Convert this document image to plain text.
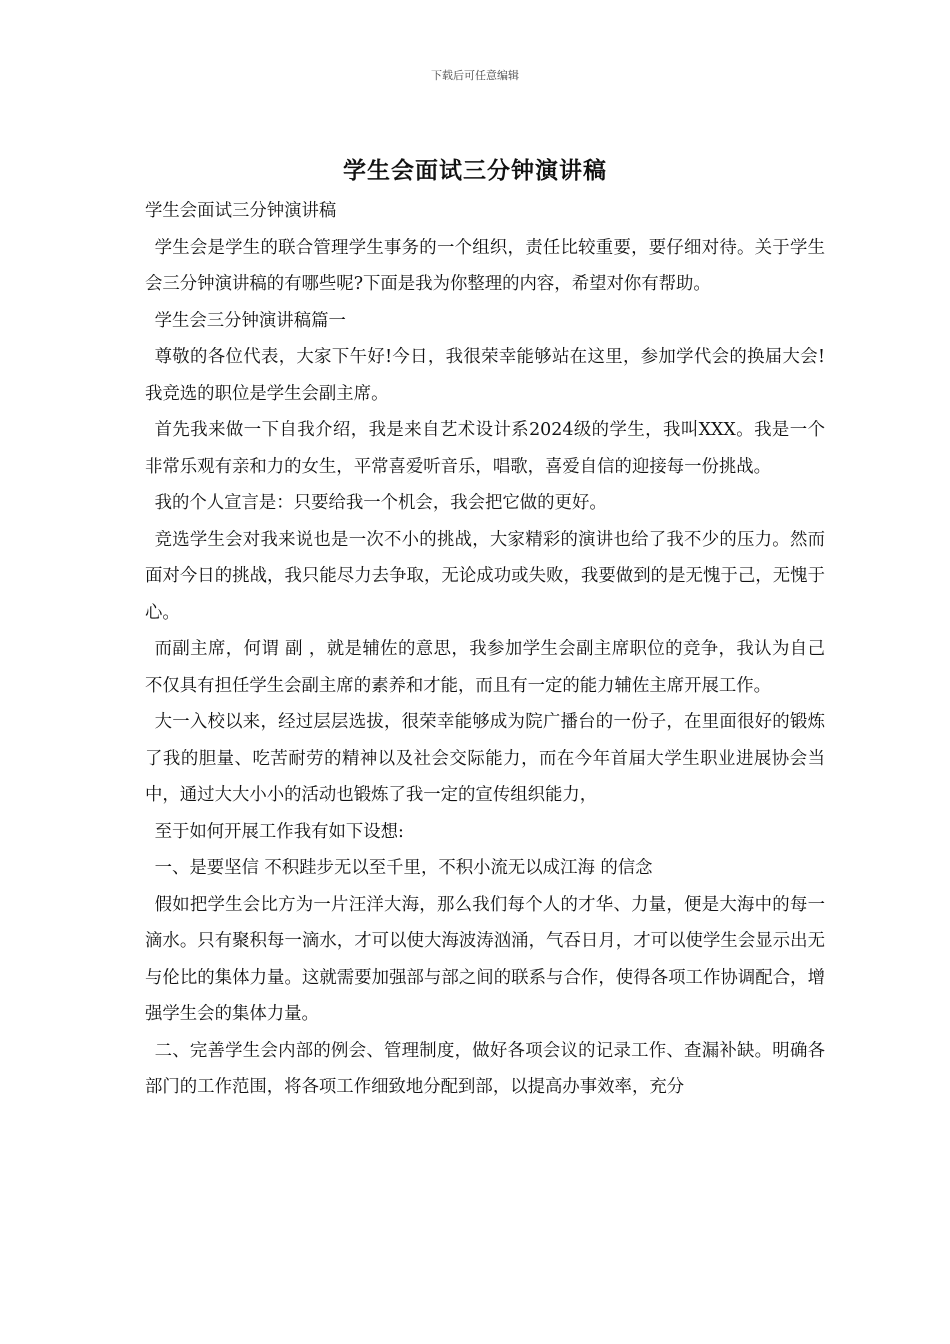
下载后可任意编辑
学生会面试三分钟演讲稿

学生会面试三分钟演讲稿

学生会是学生的联合管理学生事务的一个组织，责任比较重要，要仔细对待。关于学生会三分钟演讲稿的有哪些呢?下面是我为你整理的内容，希望对你有帮助。

学生会三分钟演讲稿篇一

尊敬的各位代表，大家下午好!今日，我很荣幸能够站在这里，参加学代会的换届大会!我竞选的职位是学生会副主席。

首先我来做一下自我介绍，我是来自艺术设计系2024级的学生，我叫XXX。我是一个非常乐观有亲和力的女生，平常喜爱听音乐，唱歌，喜爱自信的迎接每一份挑战。

我的个人宣言是：只要给我一个机会，我会把它做的更好。

竞选学生会对我来说也是一次不小的挑战，大家精彩的演讲也给了我不少的压力。然而面对今日的挑战，我只能尽力去争取，无论成功或失败，我要做到的是无愧于己，无愧于心。

而副主席，何谓 副 ，就是辅佐的意思，我参加学生会副主席职位的竞争，我认为自己不仅具有担任学生会副主席的素养和才能，而且有一定的能力辅佐主席开展工作。

大一入校以来，经过层层选拔，很荣幸能够成为院广播台的一份子，在里面很好的锻炼了我的胆量、吃苦耐劳的精神以及社会交际能力，而在今年首届大学生职业进展协会当中，通过大大小小的活动也锻炼了我一定的宣传组织能力，

至于如何开展工作我有如下设想:

一、是要坚信 不积跬步无以至千里，不积小流无以成江海 的信念

假如把学生会比方为一片汪洋大海，那么我们每个人的才华、力量，便是大海中的每一滴水。只有聚积每一滴水，才可以使大海波涛汹涌，气吞日月，才可以使学生会显示出无与伦比的集体力量。这就需要加强部与部之间的联系与合作，使得各项工作协调配合，增强学生会的集体力量。

二、完善学生会内部的例会、管理制度，做好各项会议的记录工作、查漏补缺。明确各部门的工作范围，将各项工作细致地分配到部，以提高办事效率，充分
